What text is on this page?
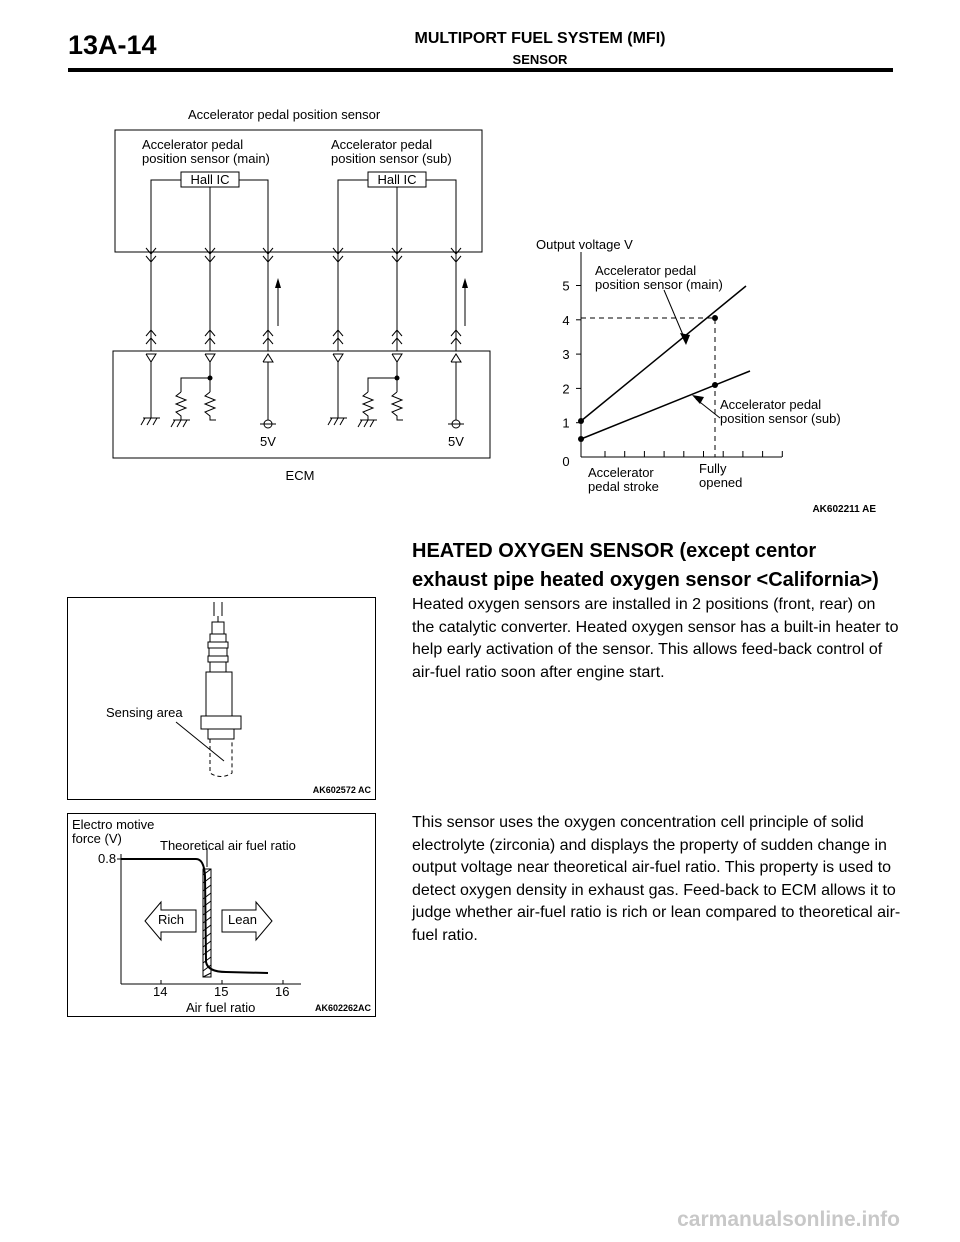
13A-14	MULTIPORT FUEL SYSTEM (MFI)
SENSOR
Accelerator pedal position sensor
Accelerator pedal
position sensor (main)
Accelerator pedal
position sensor (sub)
Hall IC	Hall IC
5V	5V
ECM
Output voltage V
0
1
2
3
4
5
Accelerator pedal
position sensor (main)
Accelerator pedal
position sensor (sub)
Accelerator
pedal stroke
Fully
opened
AK602211 AE
HEATED OXYGEN SENSOR (except centor
exhaust pipe heated oxygen sensor <California>)
Heated oxygen sensors are installed in 2 positions (front, rear) on the catalytic converter. Heated oxygen sensor has a built-in heater to help early activation of the sensor. This allows feed-back control of air-fuel ratio soon after engine start.
This sensor uses the oxygen concentration cell principle of solid electrolyte (zirconia) and displays the property of sudden change in output voltage near theoretical air-fuel ratio. This property is used to detect oxygen density in exhaust gas. Feed-back to ECM allows it to judge whether air-fuel ratio is rich or lean compared to theoretical air-fuel ratio.
Sensing area
AK602572 AC
Electro motive
force (V)
0.8
Theoretical air fuel ratio
Rich	Lean
14	15	16
Air fuel ratio	AK602262AC
carmanualsonline.info
